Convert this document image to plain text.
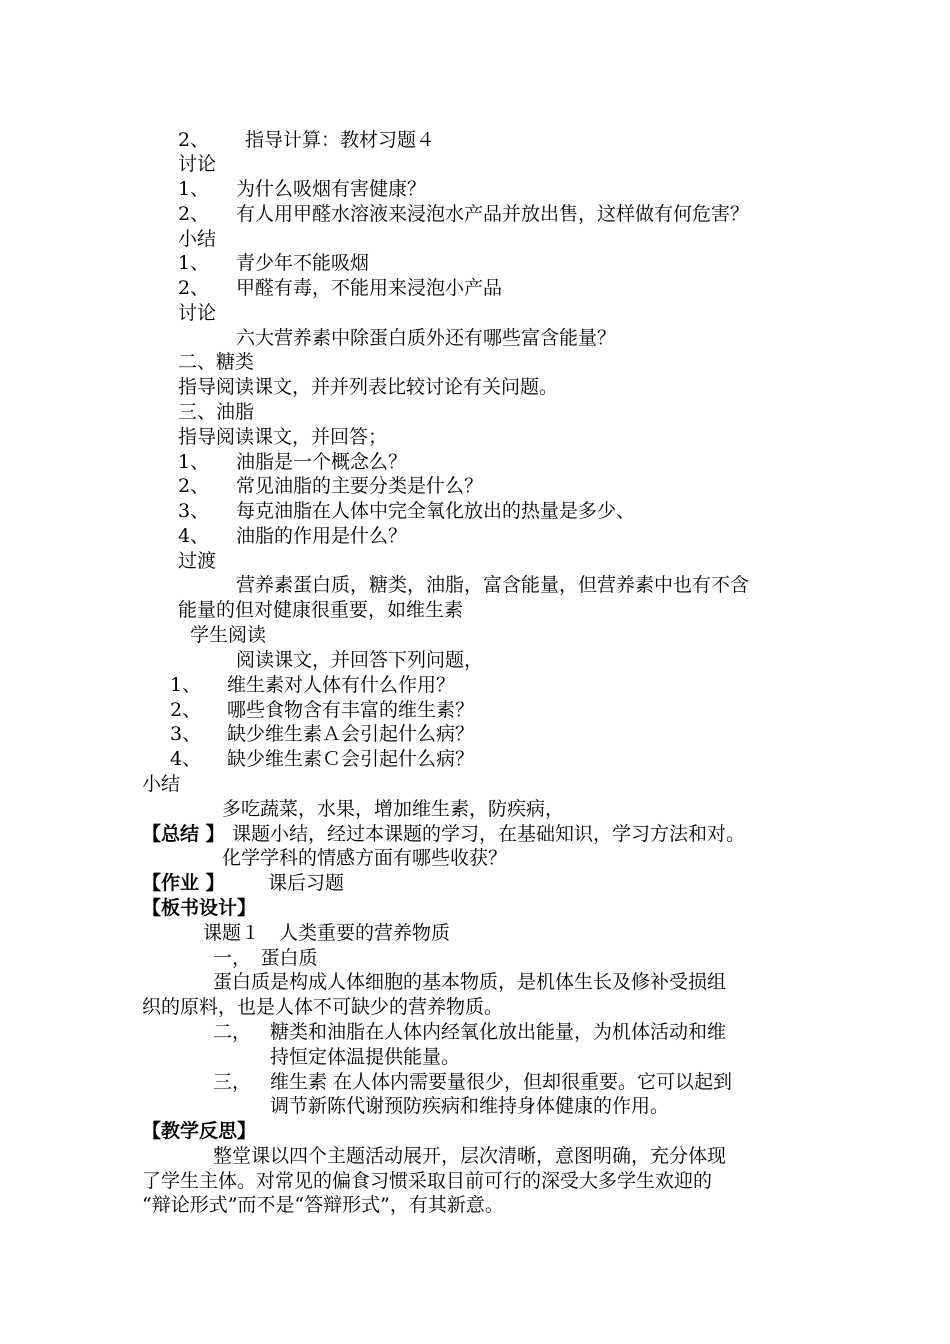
2、 指导计算：教材习题４
讨论
1、 为什么吸烟有害健康？
2、 有人用甲醛水溶液来浸泡水产品并放出售，这样做有何危害？
小结
1、 青少年不能吸烟
2、 甲醛有毒，不能用来浸泡小产品
讨论
六大营养素中除蛋白质外还有哪些富含能量？
二、糖类
指导阅读课文，并并列表比较讨论有关问题。
三、油脂
指导阅读课文，并回答；
1、 油脂是一个概念么？
2、 常见油脂的主要分类是什么？
3、 每克油脂在人体中完全氧化放出的热量是多少、
4、 油脂的作用是什么？
过渡
营养素蛋白质，糖类，油脂，富含能量，但营养素中也有不含
能量的但对健康很重要，如维生素
学生阅读
阅读课文，并回答下列问题，
1、 维生素对人体有什么作用？
2、 哪些食物含有丰富的维生素？
3、 缺少维生素Ａ会引起什么病？
4、 缺少维生素Ｃ会引起什么病？
小结
多吃蔬菜，水果，增加维生素，防疾病，
【总结 】 课题小结，经过本课题的学习，在基础知识，学习方法和对。
化学学科的情感方面有哪些收获？
【作业 】 课后习题
【板书设计】
课题１　人类重要的营养物质
一，　蛋白质
蛋白质是构成人体细胞的基本物质，是机体生长及修补受损组
织的原料，也是人体不可缺少的营养物质。
二， 糖类和油脂在人体内经氧化放出能量，为机体活动和维
持恒定体温提供能量。
三， 维生素 在人体内需要量很少，但却很重要。它可以起到
调节新陈代谢预防疾病和维持身体健康的作用。
【教学反思】
整堂课以四个主题活动展开，层次清晰，意图明确，充分体现
了学生主体。对常见的偏食习惯采取目前可行的深受大多学生欢迎的
“辩论形式”而不是“答辩形式”，有其新意。
